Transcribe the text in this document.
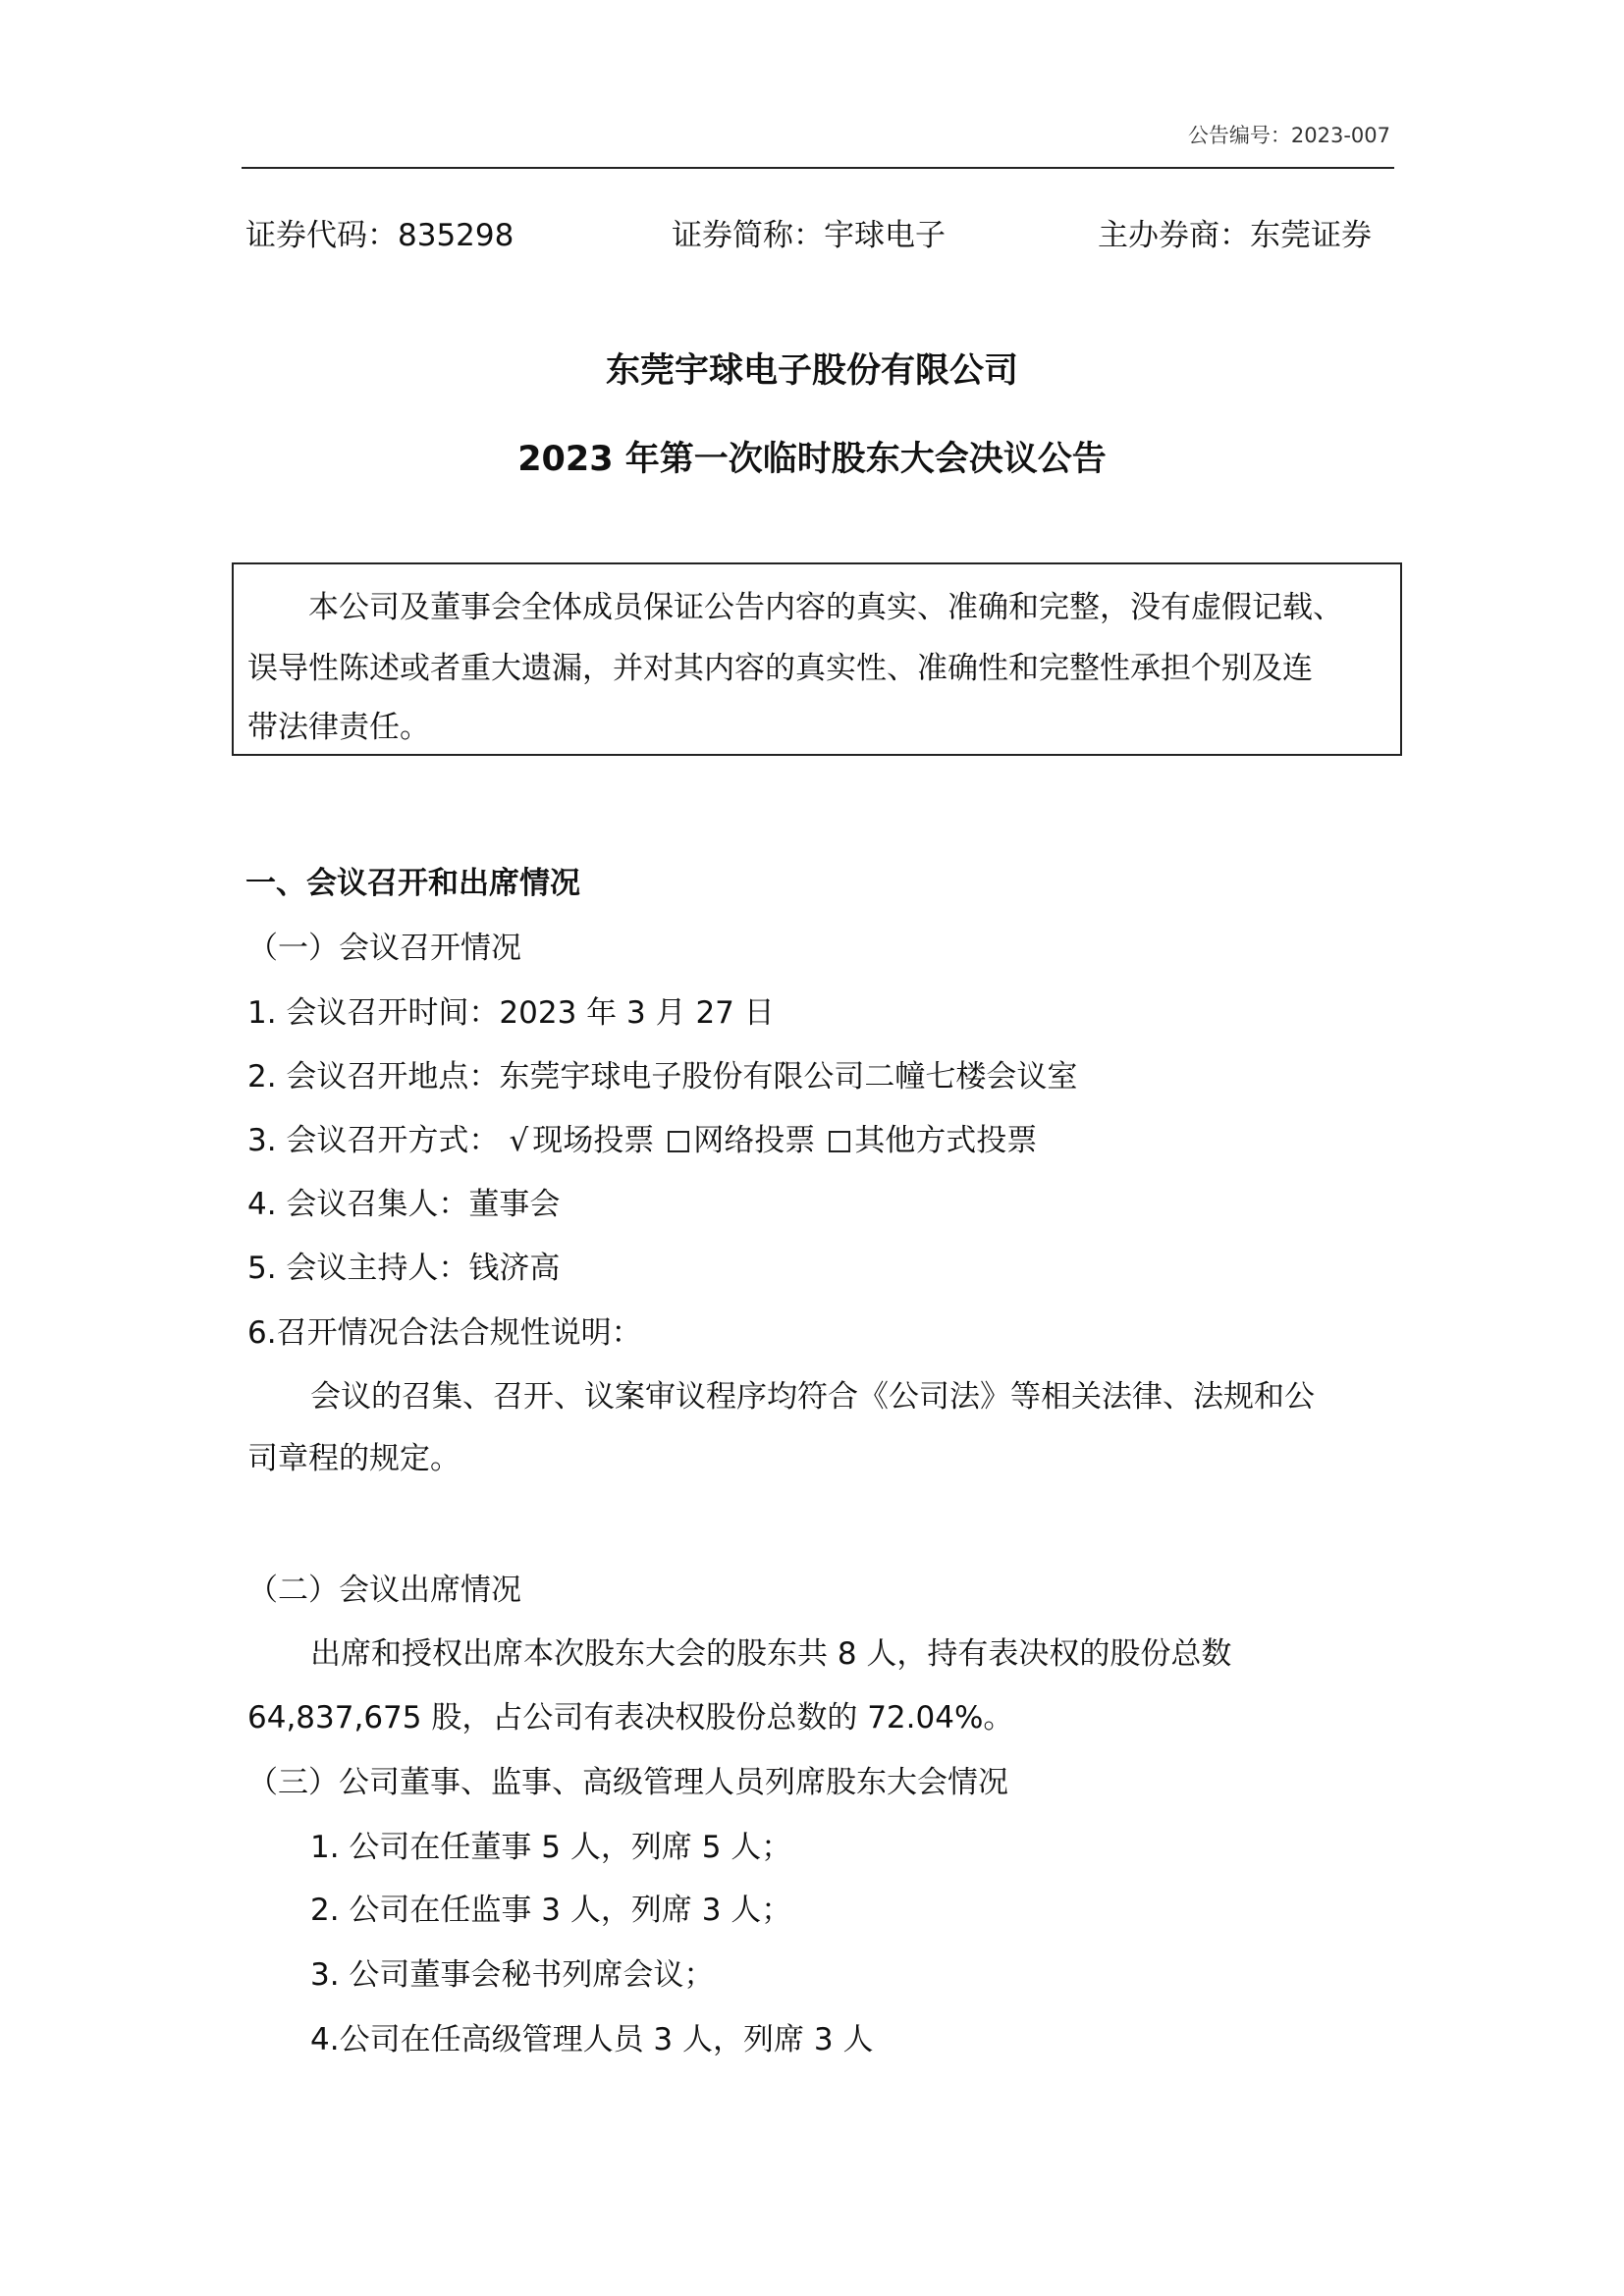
公告编号：2023-007
证券代码：835298	证券简称：宇球电子	主办券商：东莞证券
东莞宇球电子股份有限公司
2023 年第一次临时股东大会决议公告
本公司及董事会全体成员保证公告内容的真实、准确和完整，没有虚假记载、
误导性陈述或者重大遗漏，并对其内容的真实性、准确性和完整性承担个别及连
带法律责任。
一、会议召开和出席情况
（一）会议召开情况
1. 会议召开时间：2023 年 3 月 27 日
2. 会议召开地点：东莞宇球电子股份有限公司二幢七楼会议室
3. 会议召开方式： √ 现场投票 网络投票 其他方式投票
4. 会议召集人：董事会
5. 会议主持人：钱济高
6.召开情况合法合规性说明：
会议的召集、召开、议案审议程序均符合《公司法》等相关法律、法规和公
司章程的规定。
（二）会议出席情况
出席和授权出席本次股东大会的股东共 8 人，持有表决权的股份总数
64,837,675 股，占公司有表决权股份总数的 72.04%。
（三）公司董事、监事、高级管理人员列席股东大会情况
1. 公司在任董事 5 人，列席 5 人；
2. 公司在任监事 3 人，列席 3 人；
3. 公司董事会秘书列席会议；
4.公司在任高级管理人员 3 人，列席 3 人
